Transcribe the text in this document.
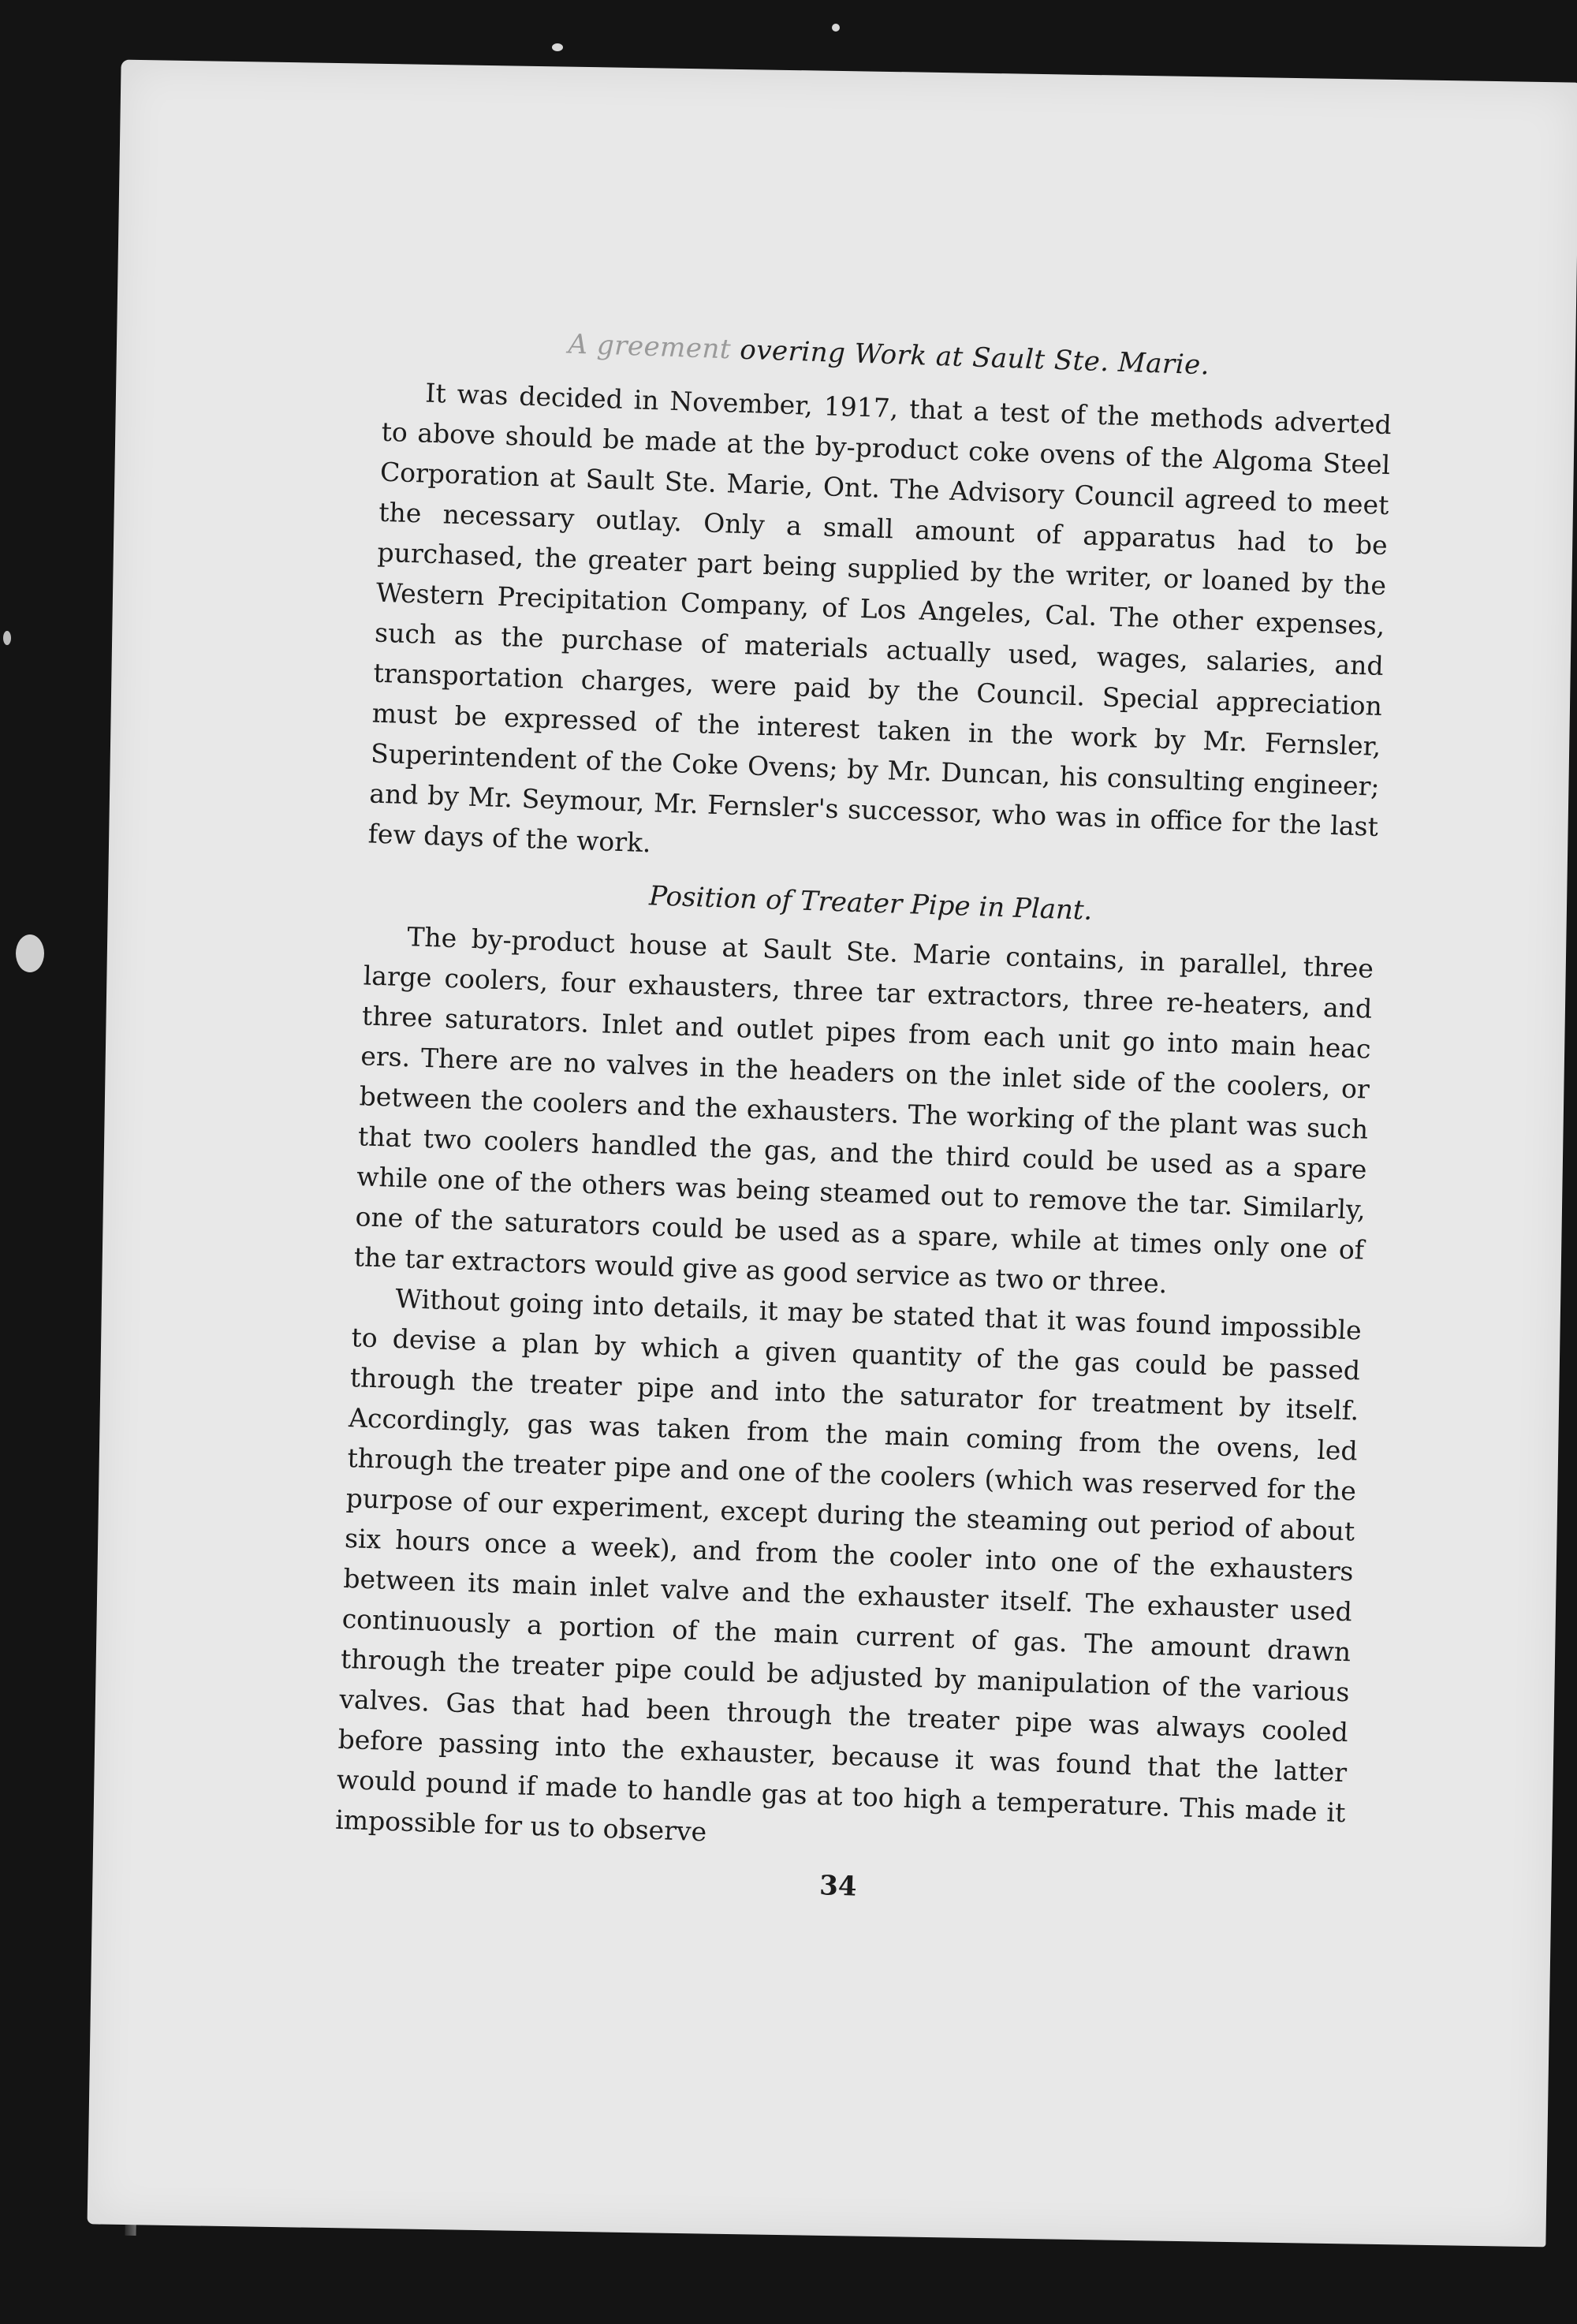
A greement overing Work at Sault Ste. Marie.

It was decided in November, 1917, that a test of the methods adverted to above should be made at the by-product coke ovens of the Algoma Steel Corporation at Sault Ste. Marie, Ont. The Advisory Council agreed to meet the necessary outlay. Only a small amount of apparatus had to be purchased, the greater part being supplied by the writer, or loaned by the Western Precipitation Company, of Los Angeles, Cal. The other expenses, such as the purchase of materials actually used, wages, salaries, and transportation charges, were paid by the Council. Special appreciation must be expressed of the interest taken in the work by Mr. Fernsler, Superintendent of the Coke Ovens; by Mr. Duncan, his consulting engineer; and by Mr. Seymour, Mr. Fernsler's successor, who was in office for the last few days of the work.

Position of Treater Pipe in Plant.

The by-product house at Sault Ste. Marie contains, in parallel, three large coolers, four exhausters, three tar extractors, three re-heaters, and three saturators. Inlet and outlet pipes from each unit go into main heac ers. There are no valves in the headers on the inlet side of the coolers, or between the coolers and the exhausters. The working of the plant was such that two coolers handled the gas, and the third could be used as a spare while one of the others was being steamed out to remove the tar. Similarly, one of the saturators could be used as a spare, while at times only one of the tar extractors would give as good service as two or three.

Without going into details, it may be stated that it was found impossible to devise a plan by which a given quantity of the gas could be passed through the treater pipe and into the saturator for treatment by itself. Accordingly, gas was taken from the main coming from the ovens, led through the treater pipe and one of the coolers (which was reserved for the purpose of our experiment, except during the steaming out period of about six hours once a week), and from the cooler into one of the exhausters between its main inlet valve and the exhauster itself. The exhauster used continuously a portion of the main current of gas. The amount drawn through the treater pipe could be adjusted by manipulation of the various valves. Gas that had been through the treater pipe was always cooled before passing into the exhauster, because it was found that the latter would pound if made to handle gas at too high a temperature. This made it impossible for us to observe

34
